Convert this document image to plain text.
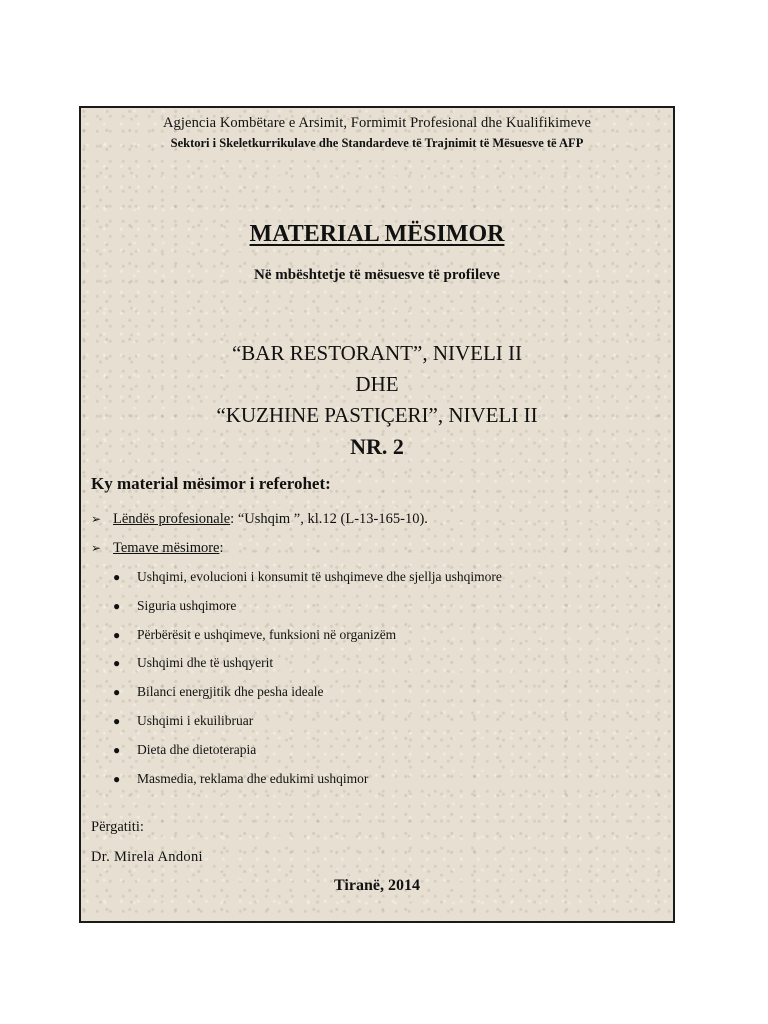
Agjencia Kombëtare e Arsimit, Formimit Profesional dhe Kualifikimeve
Sektori i Skeletkurrikulave dhe Standardeve të Trajnimit të Mësuesve të AFP
MATERIAL MËSIMOR
Në mbështetje të mësuesve të profileve
“BAR RESTORANT”, NIVELI II
DHE
“KUZHINE PASTIÇERI”, NIVELI II
NR. 2
Ky material mësimor i referohet:
➢ Lëndës profesionale : “Ushqim ”, kl.12 (L-13-165-10).
➢ Temave mësimore :
●	Ushqimi, evolucioni i konsumit të ushqimeve dhe sjellja ushqimore
●	Siguria ushqimore
●	Përbërësit e ushqimeve, funksioni në organizëm
●	Ushqimi dhe të ushqyerit
●	Bilanci energjitik dhe pesha ideale
●	Ushqimi i ekuilibruar
●	Dieta dhe dietoterapia
●	Masmedia, reklama dhe edukimi ushqimor
Përgatiti:
Dr. Mirela Andoni
Tiranë, 2014
